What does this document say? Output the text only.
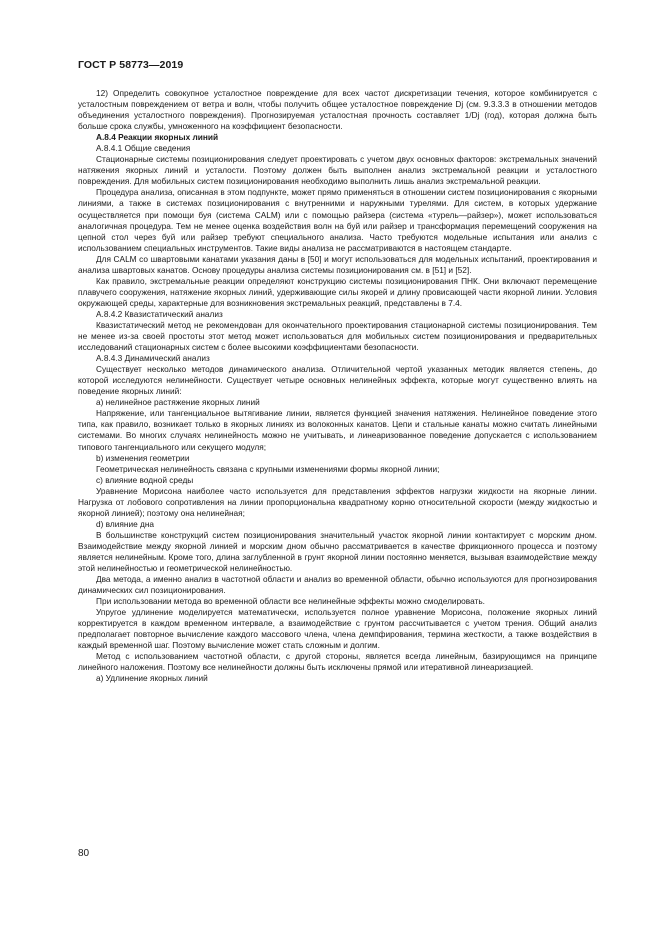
ГОСТ Р 58773—2019

12) Определить совокупное усталостное повреждение для всех частот дискретизации течения, которое комбинируется с усталостным повреждением от ветра и волн, чтобы получить общее усталостное повреждение Dj (см. 9.3.3.3 в отношении методов объединения усталостного повреждения). Прогнозируемая усталостная прочность составляет 1/Dj (год), которая должна быть больше срока службы, умноженного на коэффициент безопасности.

А.8.4 Реакции якорных линий

А.8.4.1 Общие сведения

Стационарные системы позиционирования следует проектировать с учетом двух основных факторов: экстремальных значений натяжения якорных линий и усталости. Поэтому должен быть выполнен анализ экстремальной реакции и усталостного повреждения. Для мобильных систем позиционирования необходимо выполнить лишь анализ экстремальной реакции.

Процедура анализа, описанная в этом подпункте, может прямо применяться в отношении систем позиционирования с якорными линиями, а также в системах позиционирования с внутренними и наружными турелями. Для систем, в которых удержание осуществляется при помощи буя (система CALM) или с помощью райзера (система «турель—райзер»), может использоваться аналогичная процедура. Тем не менее оценка воздействия волн на буй или райзер и трансформация перемещений сооружения на цепной стол через буй или райзер требуют специального анализа. Часто требуются модельные испытания или анализ с использованием специальных инструментов. Такие виды анализа не рассматриваются в настоящем стандарте.

Для CALM со швартовыми канатами указания даны в [50] и могут использоваться для модельных испытаний, проектирования и анализа швартовых канатов. Основу процедуры анализа системы позиционирования см. в [51] и [52].

Как правило, экстремальные реакции определяют конструкцию системы позиционирования ПНК. Они включают перемещение плавучего сооружения, натяжение якорных линий, удерживающие силы якорей и длину провисающей части якорной линии. Условия окружающей среды, характерные для возникновения экстремальных реакций, представлены в 7.4.

А.8.4.2 Квазистатический анализ

Квазистатический метод не рекомендован для окончательного проектирования стационарной системы позиционирования. Тем не менее из-за своей простоты этот метод может использоваться для мобильных систем позиционирования и предварительных исследований стационарных систем с более высокими коэффициентами безопасности.

А.8.4.3 Динамический анализ

Существует несколько методов динамического анализа. Отличительной чертой указанных методик является степень, до которой исследуются нелинейности. Существует четыре основных нелинейных эффекта, которые могут существенно влиять на поведение якорных линий:

а) нелинейное растяжение якорных линий

Напряжение, или тангенциальное вытягивание линии, является функцией значения натяжения. Нелинейное поведение этого типа, как правило, возникает только в якорных линиях из волоконных канатов. Цепи и стальные канаты можно считать линейными системами. Во многих случаях нелинейность можно не учитывать, и линеаризованное поведение допускается с использованием типового тангенциального или секущего модуля;

b) изменения геометрии

Геометрическая нелинейность связана с крупными изменениями формы якорной линии;

с) влияние водной среды

Уравнение Морисона наиболее часто используется для представления эффектов нагрузки жидкости на якорные линии. Нагрузка от лобового сопротивления на линии пропорциональна квадратному корню относительной скорости (между жидкостью и якорной линией); поэтому она нелинейная;

d) влияние дна

В большинстве конструкций систем позиционирования значительный участок якорной линии контактирует с морским дном. Взаимодействие между якорной линией и морским дном обычно рассматривается в качестве фрикционного процесса и поэтому является нелинейным. Кроме того, длина заглубленной в грунт якорной линии постоянно меняется, вызывая взаимодействие между этой нелинейностью и геометрической нелинейностью.

Два метода, а именно анализ в частотной области и анализ во временной области, обычно используются для прогнозирования динамических сил позиционирования.

При использовании метода во временной области все нелинейные эффекты можно смоделировать.

Упругое удлинение моделируется математически, используется полное уравнение Морисона, положение якорных линий корректируется в каждом временном интервале, а взаимодействие с грунтом рассчитывается с учетом трения. Общий анализ предполагает повторное вычисление каждого массового члена, члена демпфирования, термина жесткости, а также воздействия в каждый временной шаг. Поэтому вычисление может стать сложным и долгим.

Метод с использованием частотной области, с другой стороны, является всегда линейным, базирующимся на принципе линейного наложения. Поэтому все нелинейности должны быть исключены прямой или итеративной линеаризацией.

а) Удлинение якорных линий

80
